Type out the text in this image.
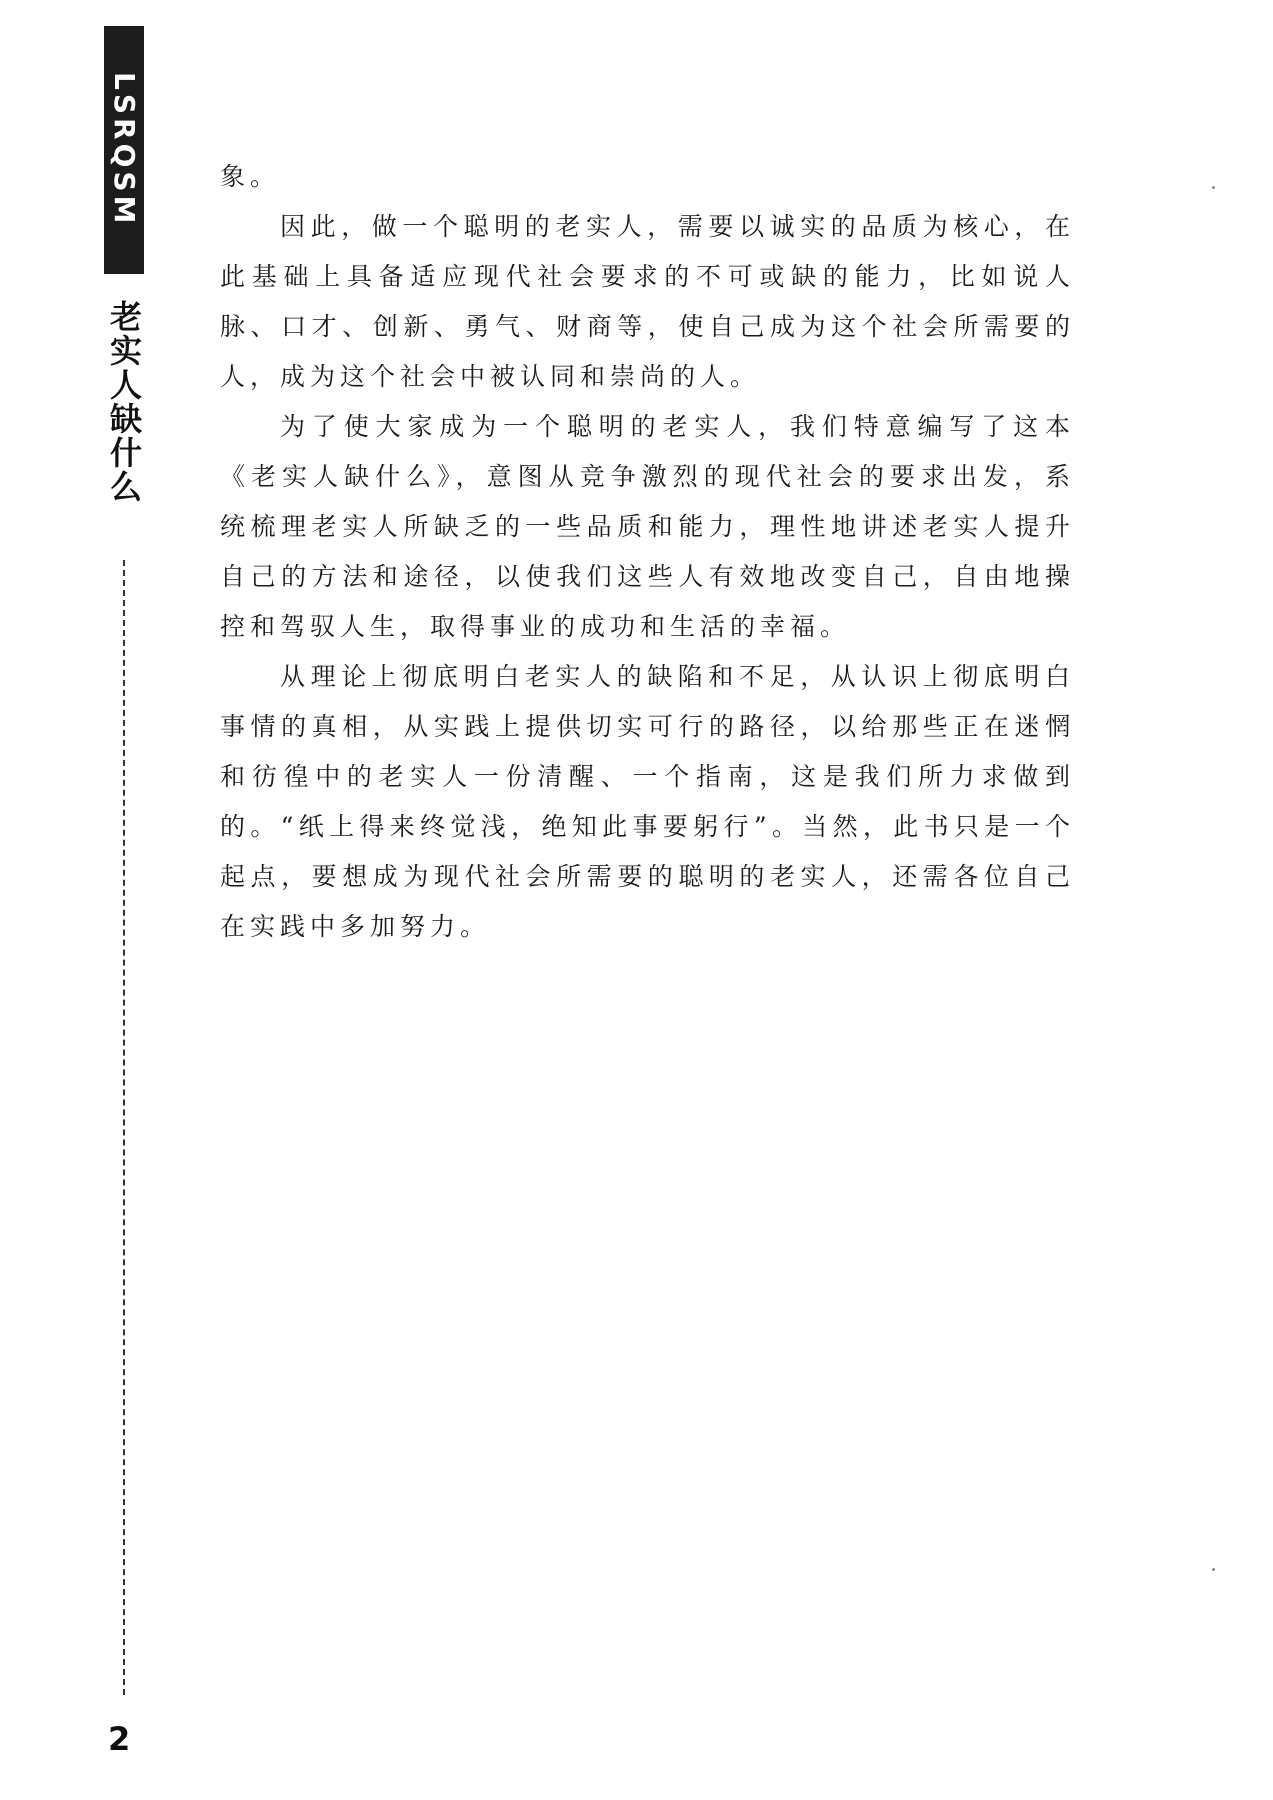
LSRQSM
老实人缺什么
2

象。

因此，做一个聪明的老实人，需要以诚实的品质为核心，在此基础上具备适应现代社会要求的不可或缺的能力，比如说人脉、口才、创新、勇气、财商等，使自己成为这个社会所需要的人，成为这个社会中被认同和崇尚的人。

为了使大家成为一个聪明的老实人，我们特意编写了这本《老实人缺什么》，意图从竞争激烈的现代社会的要求出发，系统梳理老实人所缺乏的一些品质和能力，理性地讲述老实人提升自己的方法和途径，以使我们这些人有效地改变自己，自由地操控和驾驭人生，取得事业的成功和生活的幸福。

从理论上彻底明白老实人的缺陷和不足，从认识上彻底明白事情的真相，从实践上提供切实可行的路径，以给那些正在迷惘和彷徨中的老实人一份清醒、一个指南，这是我们所力求做到的。“纸上得来终觉浅，绝知此事要躬行”。当然，此书只是一个起点，要想成为现代社会所需要的聪明的老实人，还需各位自己在实践中多加努力。
